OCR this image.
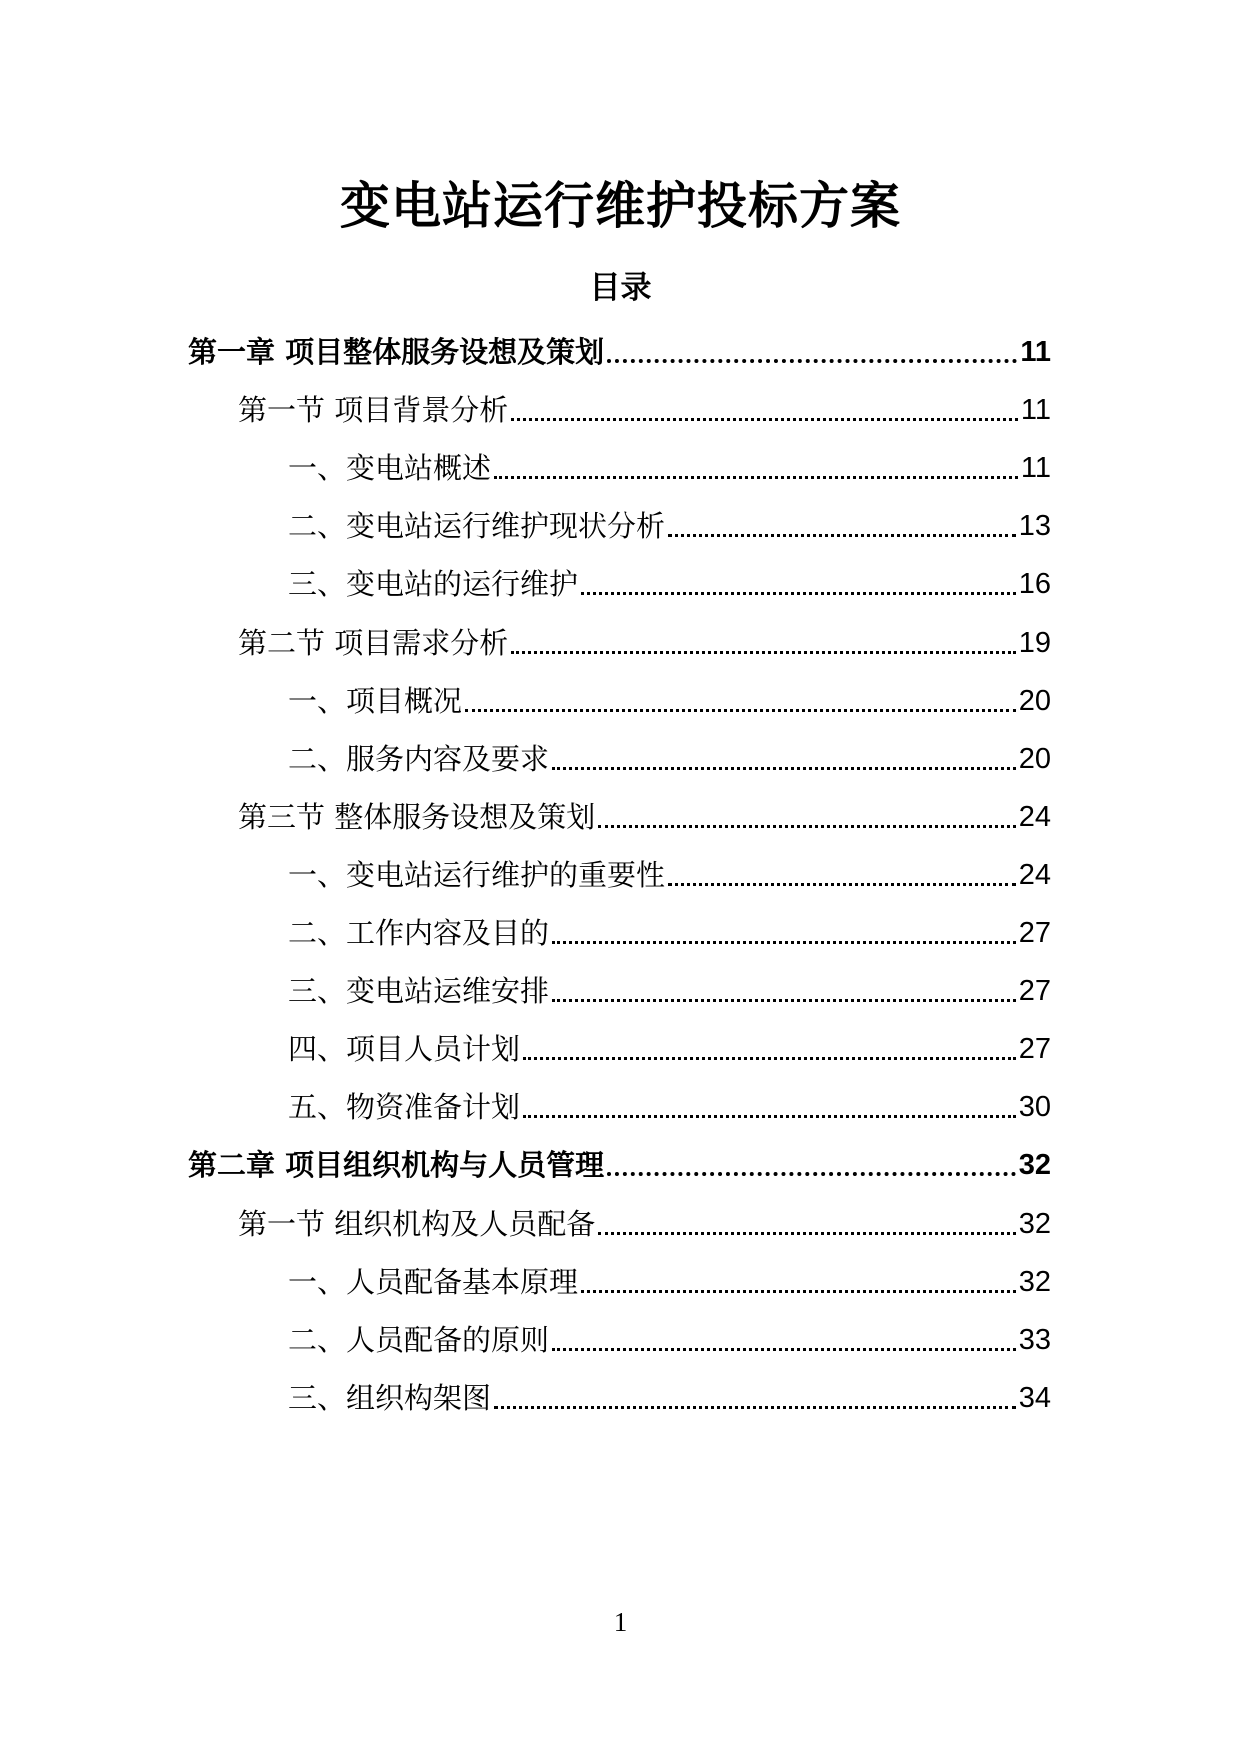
变电站运行维护投标方案
目录
第一章 项目整体服务设想及策划	11
第一节 项目背景分析	11
一、变电站概述	11
二、变电站运行维护现状分析	13
三、变电站的运行维护	16
第二节 项目需求分析	19
一、项目概况	20
二、服务内容及要求	20
第三节 整体服务设想及策划	24
一、变电站运行维护的重要性	24
二、工作内容及目的	27
三、变电站运维安排	27
四、项目人员计划	27
五、物资准备计划	30
第二章 项目组织机构与人员管理	32
第一节 组织机构及人员配备	32
一、人员配备基本原理	32
二、人员配备的原则	33
三、组织构架图	34
1
